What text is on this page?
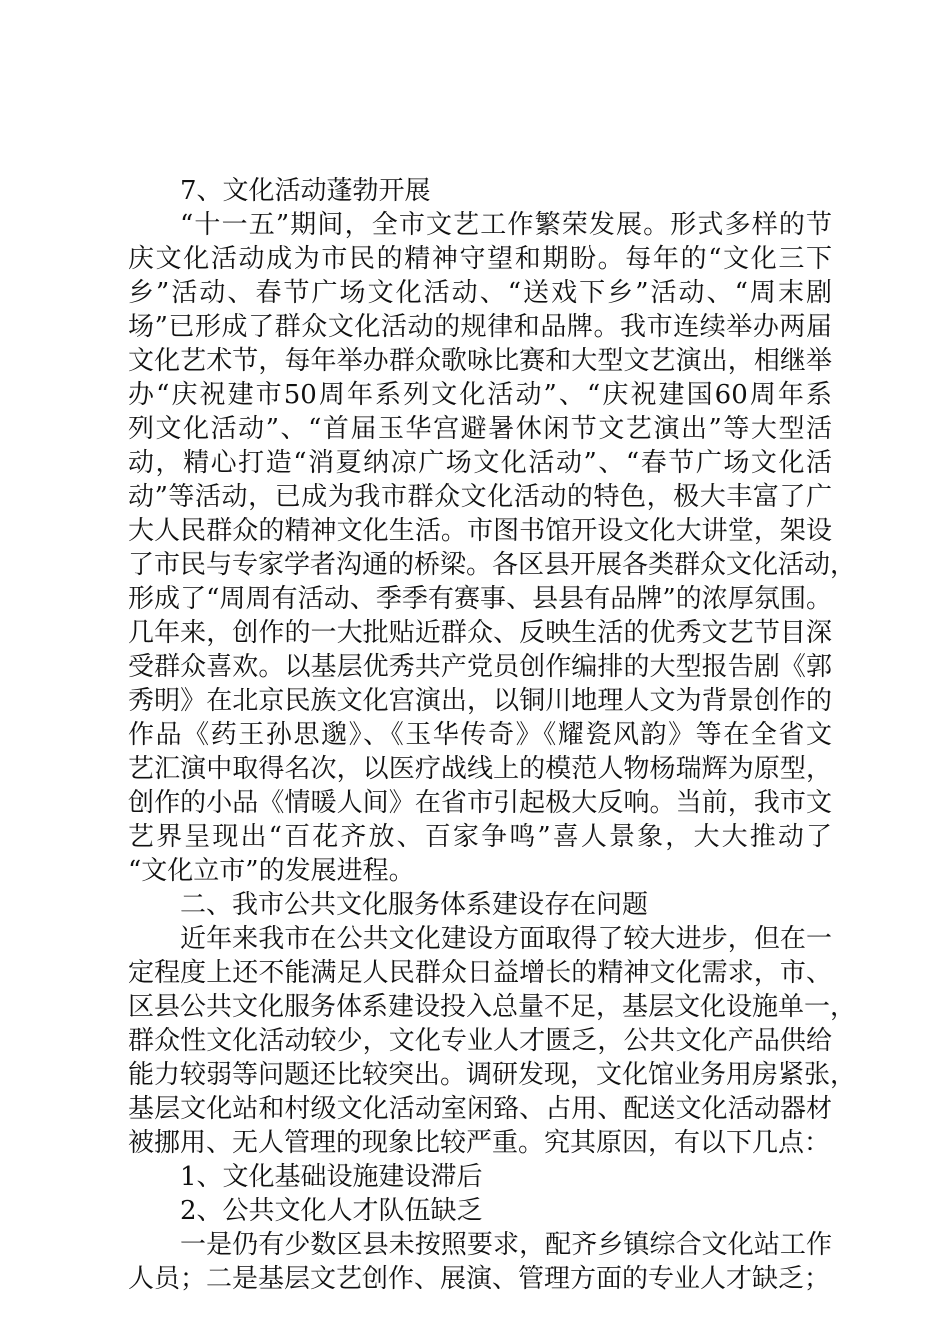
7、文化活动蓬勃开展
“十一五”期间，全市文艺工作繁荣发展。形式多样的节
庆文化活动成为市民的精神守望和期盼。每年的“文化三下
乡”活动、春节广场文化活动、“送戏下乡”活动、“周末剧
场”已形成了群众文化活动的规律和品牌。我市连续举办两届
文化艺术节，每年举办群众歌咏比赛和大型文艺演出，相继举
办“庆祝建市50周年系列文化活动”、“庆祝建国60周年系
列文化活动”、“首届玉华宫避暑休闲节文艺演出”等大型活
动，精心打造“消夏纳凉广场文化活动”、“春节广场文化活
动”等活动，已成为我市群众文化活动的特色，极大丰富了广
大人民群众的精神文化生活。市图书馆开设文化大讲堂，架设
了市民与专家学者沟通的桥梁。各区县开展各类群众文化活动，
形成了“周周有活动、季季有赛事、县县有品牌”的浓厚氛围。
几年来，创作的一大批贴近群众、反映生活的优秀文艺节目深
受群众喜欢。以基层优秀共产党员创作编排的大型报告剧《郭
秀明》在北京民族文化宫演出，以铜川地理人文为背景创作的
作品《药王孙思邈》、《玉华传奇》《耀瓷风韵》等在全省文
艺汇演中取得名次，以医疗战线上的模范人物杨瑞辉为原型，
创作的小品《情暖人间》在省市引起极大反响。当前，我市文
艺界呈现出“百花齐放、百家争鸣”喜人景象，大大推动了
“文化立市”的发展进程。
二、我市公共文化服务体系建设存在问题
近年来我市在公共文化建设方面取得了较大进步，但在一
定程度上还不能满足人民群众日益增长的精神文化需求，市、
区县公共文化服务体系建设投入总量不足，基层文化设施单一，
群众性文化活动较少，文化专业人才匮乏，公共文化产品供给
能力较弱等问题还比较突出。调研发现，文化馆业务用房紧张，
基层文化站和村级文化活动室闲臵、占用、配送文化活动器材
被挪用、无人管理的现象比较严重。究其原因，有以下几点：
1、文化基础设施建设滞后
2、公共文化人才队伍缺乏
一是仍有少数区县未按照要求，配齐乡镇综合文化站工作
人员；二是基层文艺创作、展演、管理方面的专业人才缺乏；
